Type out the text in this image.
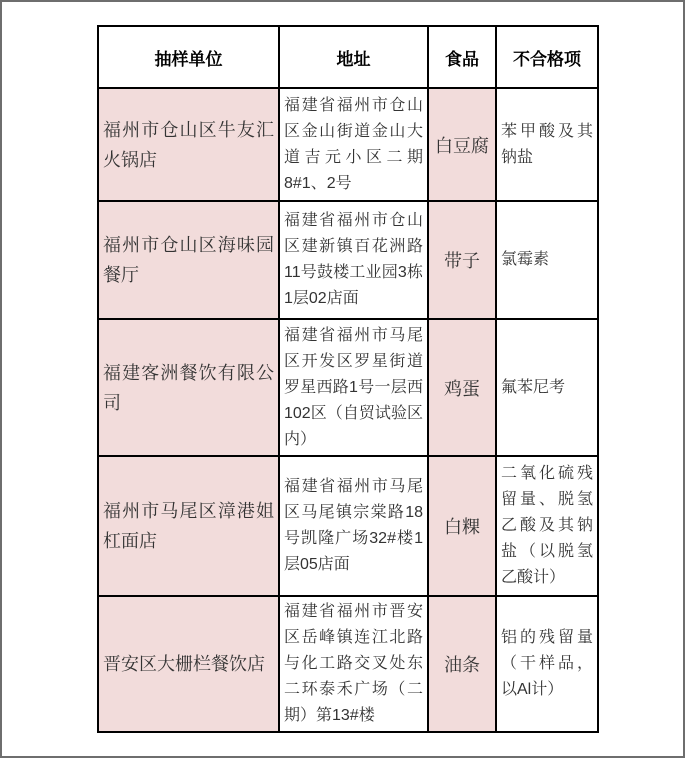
抽样单位	地址	食品	不合格项
福州市仓山区牛友汇火锅店	福建省福州市仓山区金山街道金山大道吉元小区二期8#1、2号	白豆腐	苯甲酸及其钠盐
福州市仓山区海味园餐厅	福建省福州市仓山区建新镇百花洲路11号鼓楼工业园3栋1层02店面	带子	氯霉素
福建客洲餐饮有限公司	福建省福州市马尾区开发区罗星街道罗星西路1号一层西102区（自贸试验区内）	鸡蛋	氟苯尼考
福州市马尾区漳港姐杠面店	福建省福州市马尾区马尾镇宗棠路18号凯隆广场32#楼1层05店面	白粿	二氧化硫残留量、脱氢乙酸及其钠盐（以脱氢乙酸计）
晋安区大栅栏餐饮店	福建省福州市晋安区岳峰镇连江北路与化工路交叉处东二环泰禾广场（二期）第13#楼	油条	铝的残留量（干样品，以Al计）
